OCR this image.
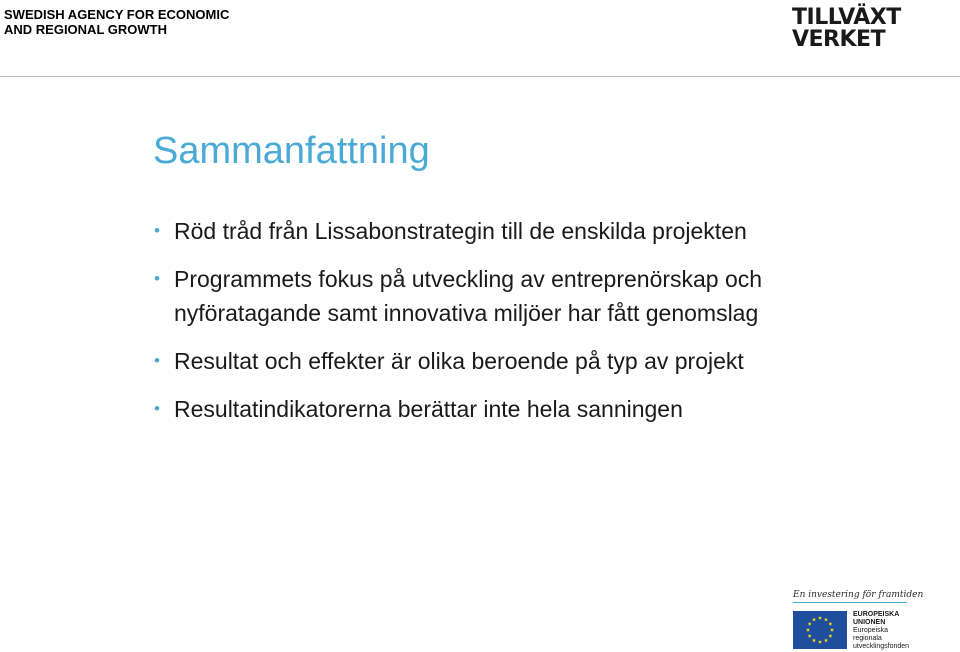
SWEDISH AGENCY FOR ECONOMIC
AND REGIONAL GROWTH	TILLVÄXT
VERKET
Sammanfattning
• Röd tråd från Lissabonstrategin till de enskilda projekten
• Programmets fokus på utveckling av entreprenörskap och nyföratagande samt innovativa miljöer har fått genomslag
• Resultat och effekter är olika beroende på typ av projekt
• Resultatindikatorerna berättar inte hela sanningen
En investering för framtiden
EUROPEISKA
UNIONEN
Europeiska
regionala
utvecklingsfonden
